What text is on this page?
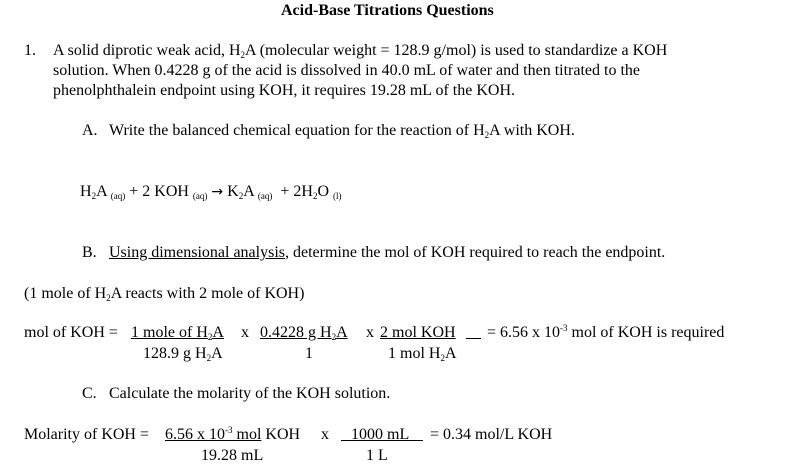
Acid-Base Titrations Questions
1. A solid diprotic weak acid, $H_2A$ (molecular weight = 128.9 g/mol) is used to standardize a KOH
solution. When 0.4228 g of the acid is dissolved in 40.0 mL of water and then titrated to the
phenolphthalein endpoint using KOH, it requires 19.28 mL of the KOH.
A. Write the balanced chemical equation for the reaction of $H_2A$ with KOH.
$H_2A$ (aq) + 2 KOH $(aq) \to K_2A$ $(aq) + 2H_2O$ (l)
B. Using dimensional analysis, determine the mol of KOH required to reach the endpoint.
(1 mole of $H_2A$ reacts with 2 mole of KOH)
mol of KOH = 1 mole of $H_2A$ x 0.4228 g $H_2A$ x 2 mol KOH = 6.56 x $10^{-3}$ mol of KOH is required
128.9 g $H_2A$	1	1 mol $H_2A$
C. Calculate the molarity of the KOH solution.
Molarity of KOH = 6.56 x $10^{-3}$ mol KOH x	1000 mL	= 0.34 mol/L KOH
19.28 mL	1 L
